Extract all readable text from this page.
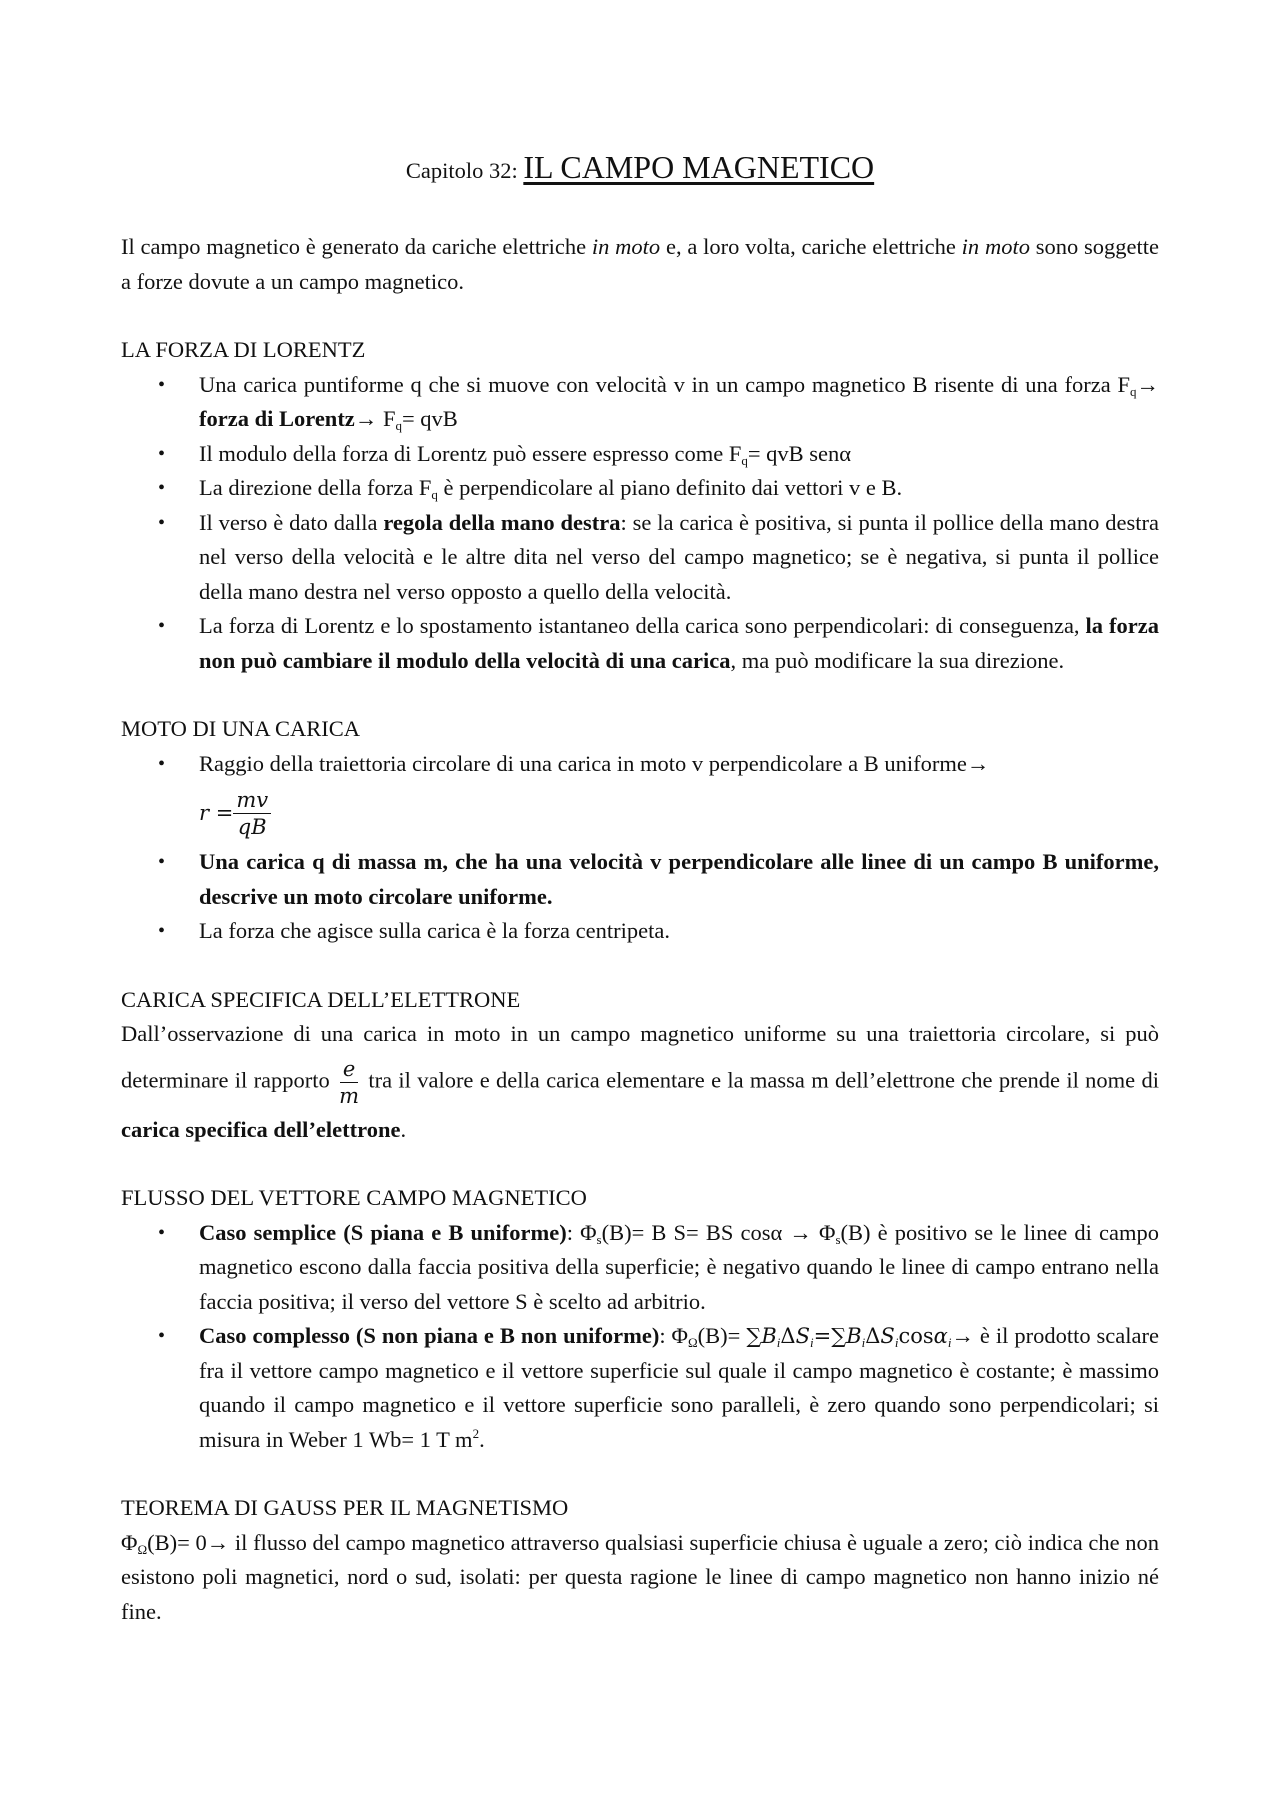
Capitolo 32: IL CAMPO MAGNETICO

Il campo magnetico è generato da cariche elettriche in moto e, a loro volta, cariche elettriche in moto sono soggette a forze dovute a un campo magnetico.

LA FORZA DI LORENTZ

• Una carica puntiforme q che si muove con velocità v in un campo magnetico B risente di una forza $F_q\to$ forza di Lorentz→ $F_q=$ qvB
• Il modulo della forza di Lorentz può essere espresso come $F_q=$ qvB senα
• La direzione della forza $F_q$ è perpendicolare al piano definito dai vettori v e B.
• Il verso è dato dalla regola della mano destra: se la carica è positiva, si punta il pollice della mano destra nel verso della velocità e le altre dita nel verso del campo magnetico; se è negativa, si punta il pollice della mano destra nel verso opposto a quello della velocità.
• La forza di Lorentz e lo spostamento istantaneo della carica sono perpendicolari: di conseguenza, la forza non può cambiare il modulo della velocità di una carica, ma può modificare la sua direzione.

MOTO DI UNA CARICA

• Raggio della traiettoria circolare di una carica in moto v perpendicolare a B uniforme→
$r = \frac{mv}{qB}$
• Una carica q di massa m, che ha una velocità v perpendicolare alle linee di un campo B uniforme, descrive un moto circolare uniforme.
• La forza che agisce sulla carica è la forza centripeta.

CARICA SPECIFICA DELL’ELETTRONE

Dall’osservazione di una carica in moto in un campo magnetico uniforme su una traiettoria circolare, si può determinare il rapporto $\frac{e}{m}$ tra il valore e della carica elementare e la massa m dell’elettrone che prende il nome di carica specifica dell’elettrone.

FLUSSO DEL VETTORE CAMPO MAGNETICO

• Caso semplice (S piana e B uniforme): $\Phi_s(B)= B$ S= BS $\cos\alpha \to \Phi_s(B)$ è positivo se le linee di campo magnetico escono dalla faccia positiva della superficie; è negativo quando le linee di campo entrano nella faccia positiva; il verso del vettore S è scelto ad arbitrio.
• Caso complesso (S non piana e B non uniforme): $\Phi_\Omega(B)= \sum B_i\Delta S_i=\sum B_i\Delta S_i\cos\alpha_i\to$ è il prodotto scalare fra il vettore campo magnetico e il vettore superficie sul quale il campo magnetico è costante; è massimo quando il campo magnetico e il vettore superficie sono paralleli, è zero quando sono perpendicolari; si misura in Weber 1 Wb= 1 T $m^2$.

TEOREMA DI GAUSS PER IL MAGNETISMO

$\Phi_\Omega(B)= 0\to$ il flusso del campo magnetico attraverso qualsiasi superficie chiusa è uguale a zero; ciò indica che non esistono poli magnetici, nord o sud, isolati: per questa ragione le linee di campo magnetico non hanno inizio né fine.
